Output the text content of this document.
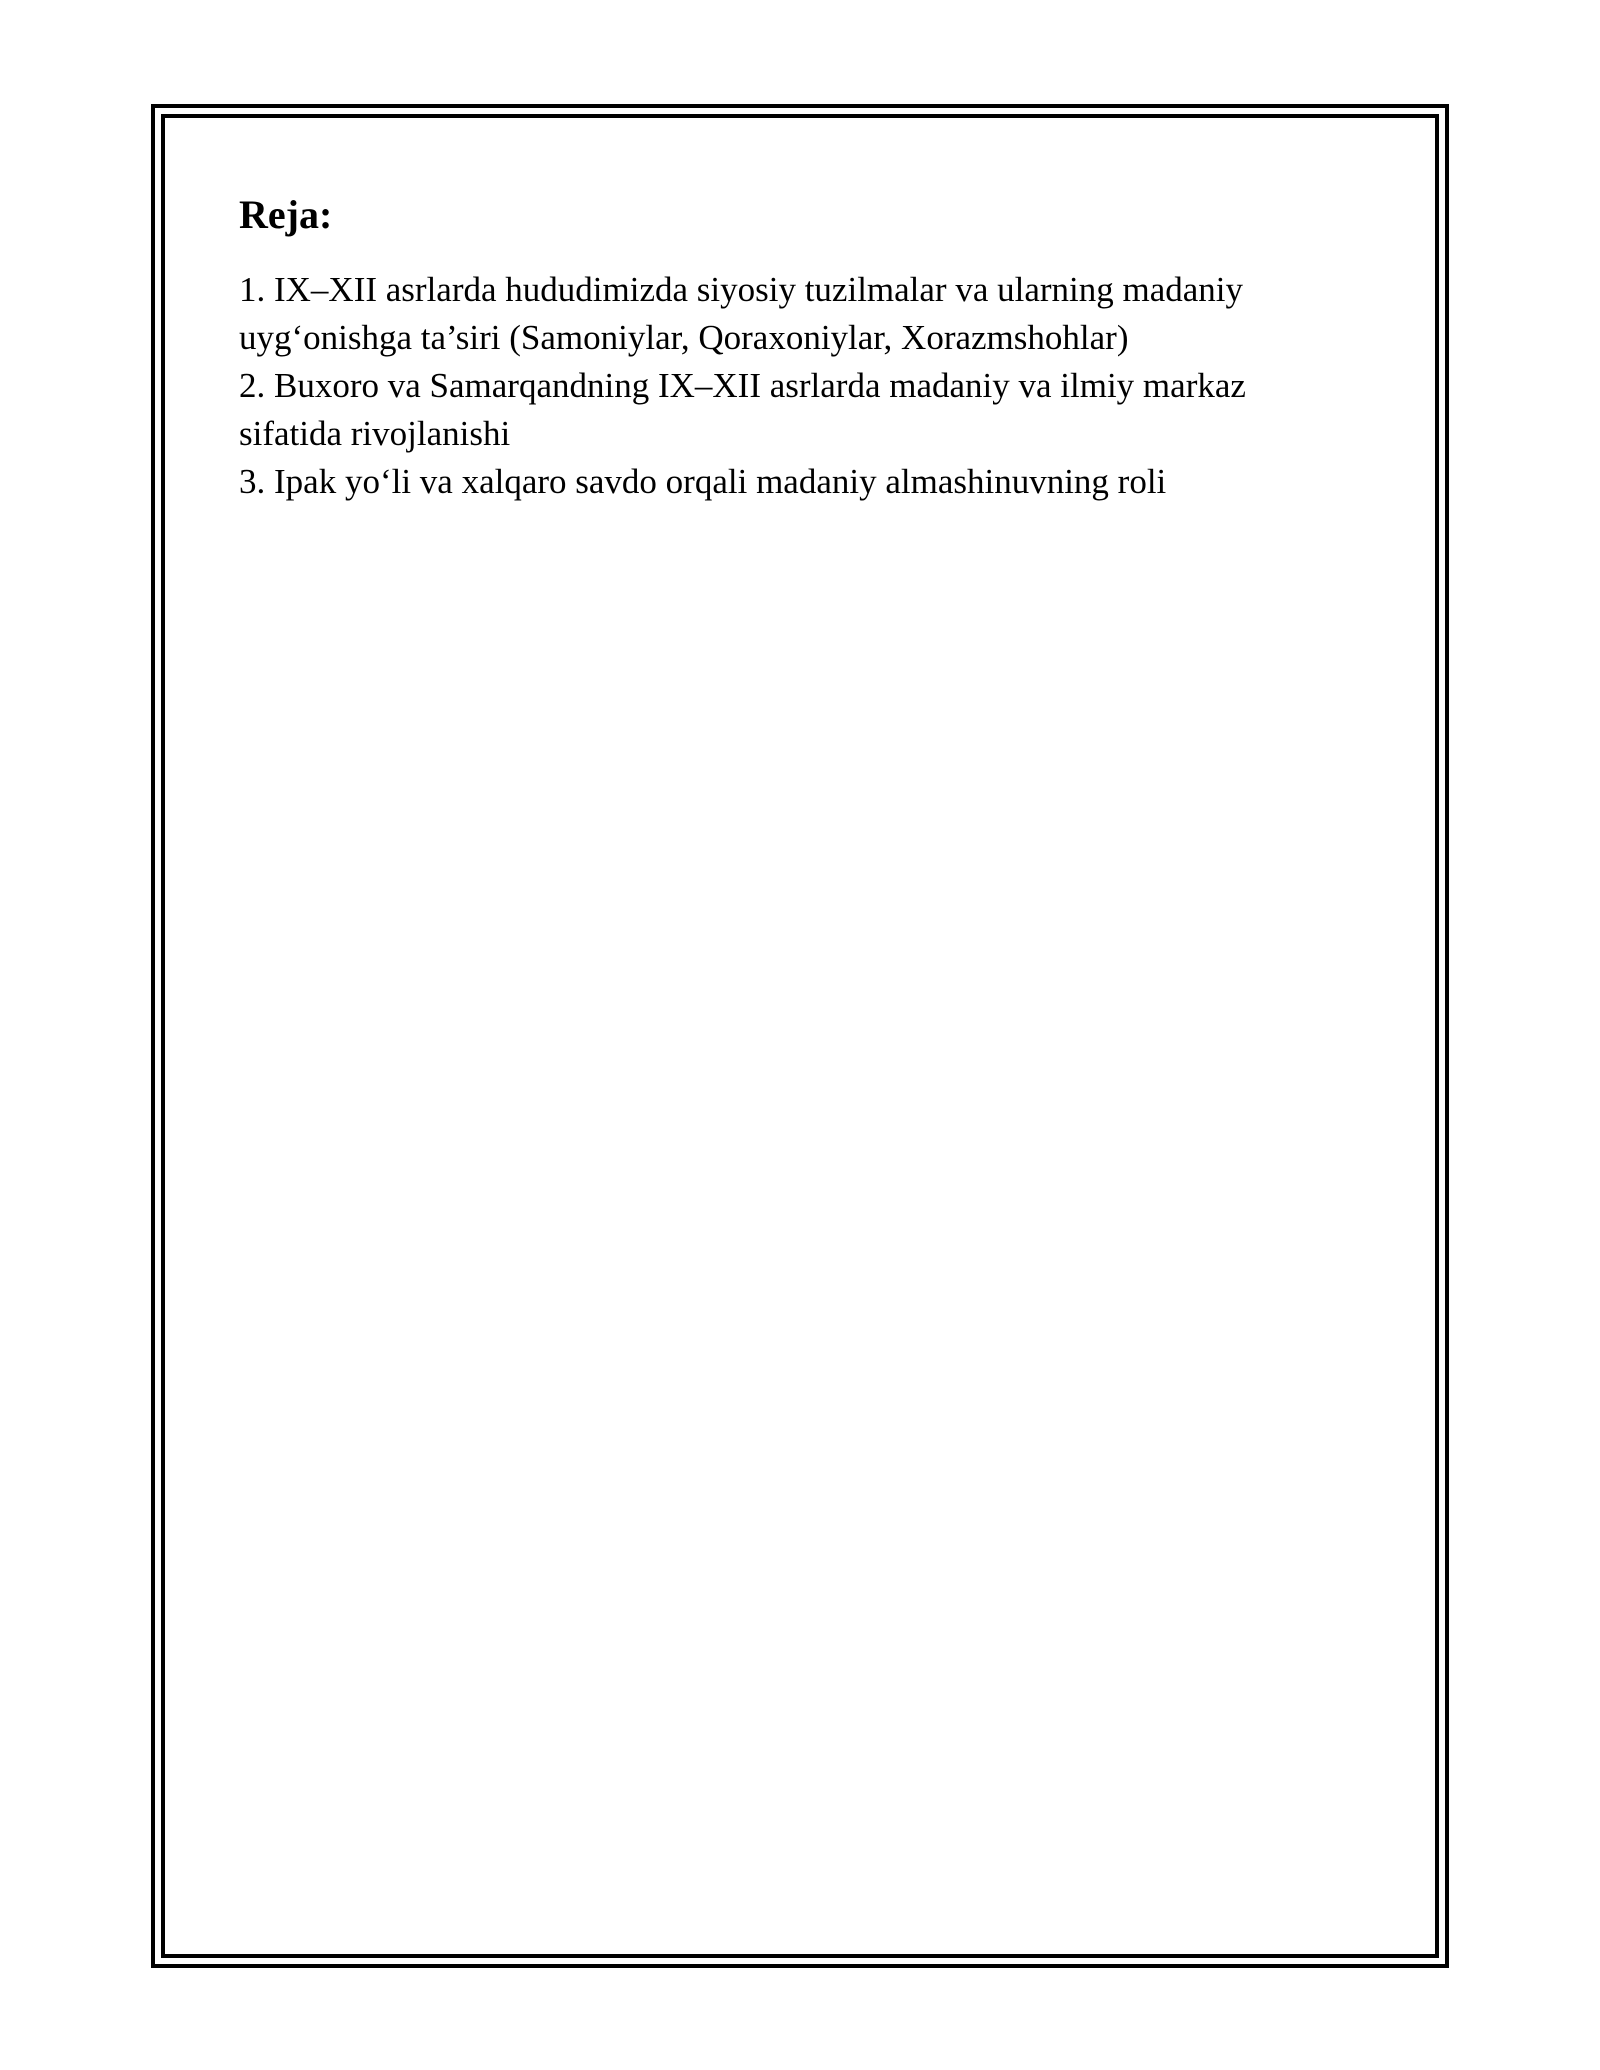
Reja:
1. IX–XII asrlarda hududimizda siyosiy tuzilmalar va ularning madaniy uyg‘onishga ta’siri (Samoniylar, Qoraxoniylar, Xorazmshohlar)
2. Buxoro va Samarqandning IX–XII asrlarda madaniy va ilmiy markaz sifatida rivojlanishi
3. Ipak yo‘li va xalqaro savdo orqali madaniy almashinuvning roli
